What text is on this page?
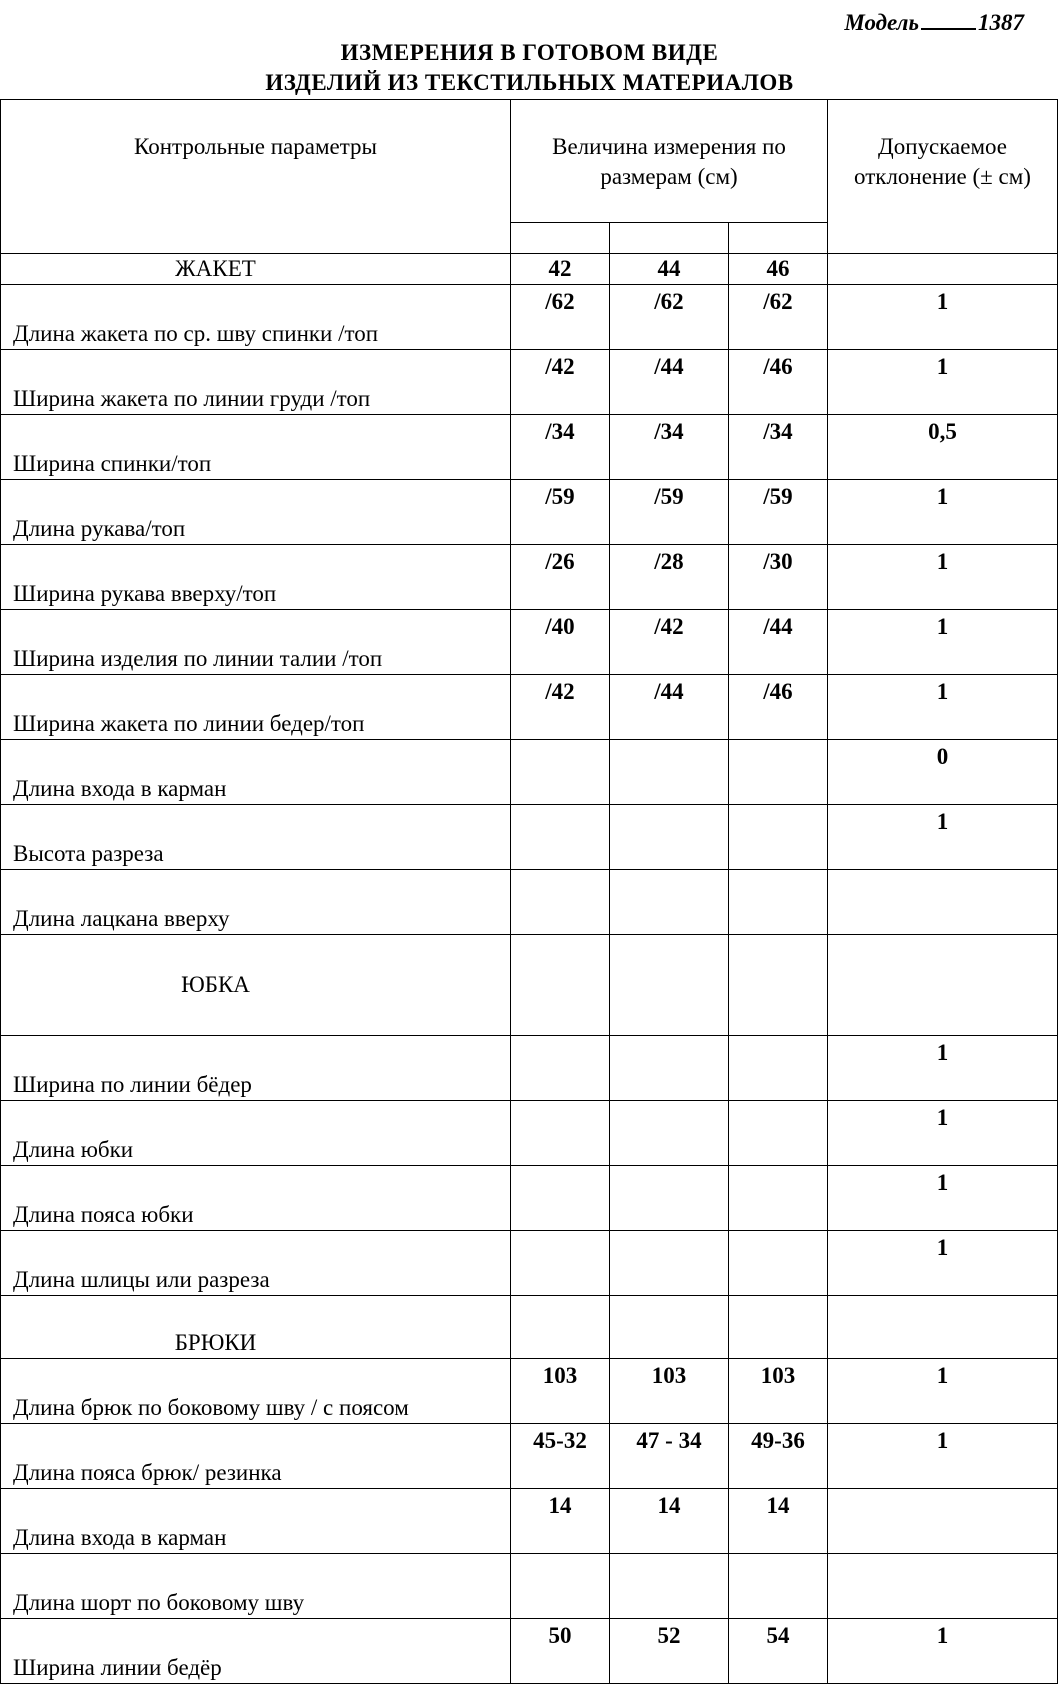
Модель	1387
ИЗМЕРЕНИЯ В ГОТОВОМ ВИДЕ
ИЗДЕЛИЙ ИЗ ТЕКСТИЛЬНЫХ МАТЕРИАЛОВ
Контрольные параметры	Величина измерения по размерам (см)			Допускаемое отклонение (± см)

ЖАКЕТ	42	44	46	
Длина жакета по ср. шву спинки /топ	/62	/62	/62	1
Ширина жакета по линии груди /топ	/42	/44	/46	1
Ширина спинки/топ	/34	/34	/34	0,5
Длина рукава/топ	/59	/59	/59	1
Ширина рукава вверху/топ	/26	/28	/30	1
Ширина изделия по линии талии /топ	/40	/42	/44	1
Ширина жакета по линии бедер/топ	/42	/44	/46	1
Длина входа в карман				0
Высота разреза				1
Длина лацкана вверху				
ЮБКА				
Ширина по линии бёдер				1
Длина юбки				1
Длина пояса юбки				1
Длина шлицы или разреза				1
БРЮКИ				
Длина брюк по боковому шву / с поясом	103	103	103	1
Длина пояса брюк/ резинка	45-32	47 - 34	49-36	1
Длина входа в карман	14	14	14	
Длина шорт по боковому шву				
Ширина линии бедёр	50	52	54	1
